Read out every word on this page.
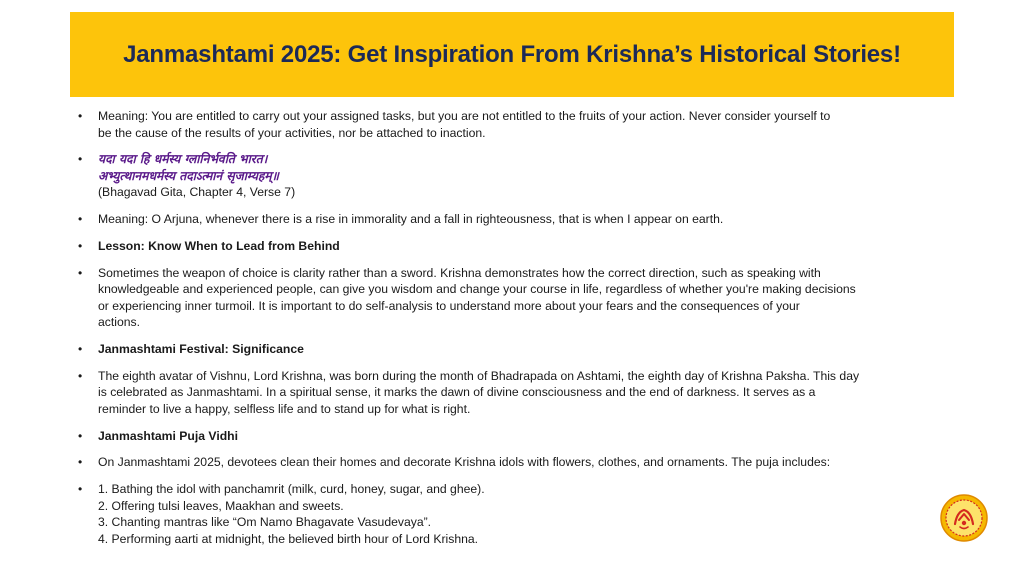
Janmashtami 2025: Get Inspiration From Krishna’s Historical Stories!
• Meaning: You are entitled to carry out your assigned tasks, but you are not entitled to the fruits of your action. Never consider yourself to
be the cause of the results of your activities, nor be attached to inaction.
• यदा यदा हि धर्मस्य ग्लानिर्भवति भारत।
अभ्युत्थानमधर्मस्य तदाऽत्मानं सृजाम्यहम्॥
(Bhagavad Gita, Chapter 4, Verse 7)
• Meaning: O Arjuna, whenever there is a rise in immorality and a fall in righteousness, that is when I appear on earth.
• Lesson: Know When to Lead from Behind
• Sometimes the weapon of choice is clarity rather than a sword. Krishna demonstrates how the correct direction, such as speaking with
knowledgeable and experienced people, can give you wisdom and change your course in life, regardless of whether you're making decisions
or experiencing inner turmoil. It is important to do self-analysis to understand more about your fears and the consequences of your
actions.
• Janmashtami Festival: Significance
• The eighth avatar of Vishnu, Lord Krishna, was born during the month of Bhadrapada on Ashtami, the eighth day of Krishna Paksha. This day
is celebrated as Janmashtami. In a spiritual sense, it marks the dawn of divine consciousness and the end of darkness. It serves as a
reminder to live a happy, selfless life and to stand up for what is right.
• Janmashtami Puja Vidhi
• On Janmashtami 2025, devotees clean their homes and decorate Krishna idols with flowers, clothes, and ornaments. The puja includes:
• 1. Bathing the idol with panchamrit (milk, curd, honey, sugar, and ghee).
2. Offering tulsi leaves, Maakhan and sweets.
3. Chanting mantras like “Om Namo Bhagavate Vasudevaya”.
4. Performing aarti at midnight, the believed birth hour of Lord Krishna.
